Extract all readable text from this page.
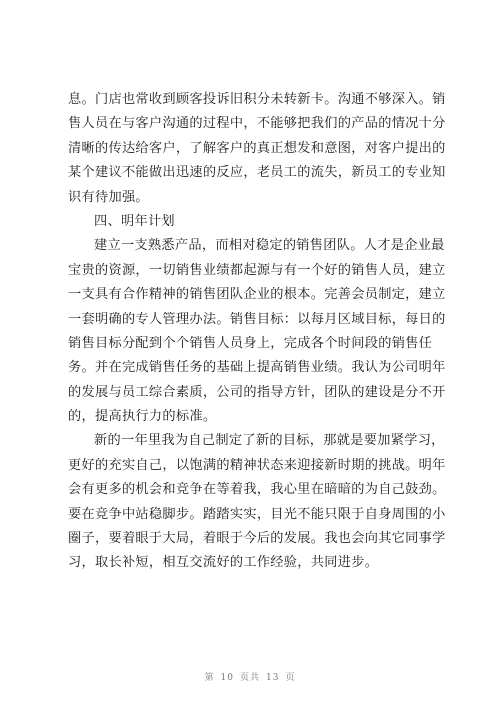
息。门店也常收到顾客投诉旧积分未转新卡。沟通不够深入。销
售人员在与客户沟通的过程中，不能够把我们的产品的情况十分
清晰的传达给客户，了解客户的真正想发和意图，对客户提出的
某个建议不能做出迅速的反应，老员工的流失，新员工的专业知
识有待加强。
四、明年计划
建立一支熟悉产品，而相对稳定的销售团队。人才是企业最
宝贵的资源，一切销售业绩都起源与有一个好的销售人员，建立
一支具有合作精神的销售团队企业的根本。完善会员制定，建立
一套明确的专人管理办法。销售目标：以每月区域目标，每日的
销售目标分配到个个销售人员身上，完成各个时间段的销售任
务。并在完成销售任务的基础上提高销售业绩。我认为公司明年
的发展与员工综合素质，公司的指导方针，团队的建设是分不开
的，提高执行力的标准。
新的一年里我为自己制定了新的目标，那就是要加紧学习，
更好的充实自己，以饱满的精神状态来迎接新时期的挑战。明年
会有更多的机会和竞争在等着我，我心里在暗暗的为自己鼓劲。
要在竞争中站稳脚步。踏踏实实，目光不能只限于自身周围的小
圈子，要着眼于大局，着眼于今后的发展。我也会向其它同事学
习，取长补短，相互交流好的工作经验，共同进步。
第 10 页共 13 页
